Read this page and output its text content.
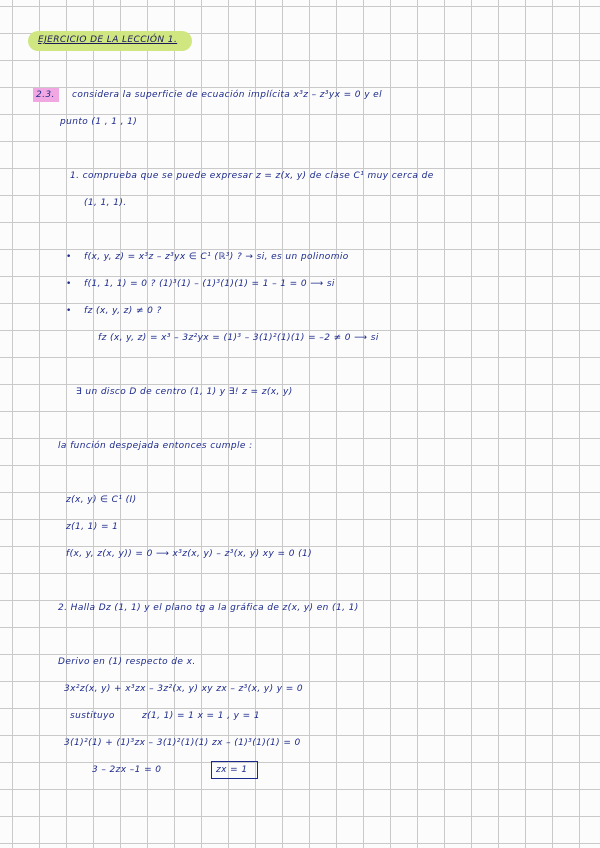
EJERCICIO DE LA LECCIÓN 1.
2.3. considera la superficie de ecuación implícita x³z – z³yx = 0 y el
punto (1 , 1 , 1)
1. comprueba que se puede expresar z = z(x, y) de clase C¹ muy cerca de
(1, 1, 1).
• f(x, y, z) = x³z – z³yx ∈ C¹ (ℝ³) ? → si, es un polinomio
• f(1, 1, 1) = 0 ? (1)³(1) – (1)³(1)(1) = 1 – 1 = 0 ⟶ si
• fz (x, y, z) ≠ 0 ?
fz (x, y, z) = x³ – 3z²yx = (1)³ – 3(1)²(1)(1) = –2 ≠ 0 ⟶ si
∃ un disco D de centro (1, 1) y ∃! z = z(x, y)
la función despejada entonces cumple :
z(x, y) ∈ C¹ (I)
z(1, 1) = 1
f(x, y, z(x, y)) = 0 ⟶ x³z(x, y) – z³(x, y) xy = 0 (1)
2. Halla Dz (1, 1) y el plano tg a la gráfica de z(x, y) en (1, 1)
Derivo en (1) respecto de x.
3x²z(x, y) + x³zx – 3z²(x, y) xy zx – z³(x, y) y = 0
sustituyo	z(1, 1) = 1 x = 1 , y = 1
3(1)²(1) + (1)³zx – 3(1)²(1)(1) zx – (1)³(1)(1) = 0
3 – 2zx –1 = 0	zx = 1
